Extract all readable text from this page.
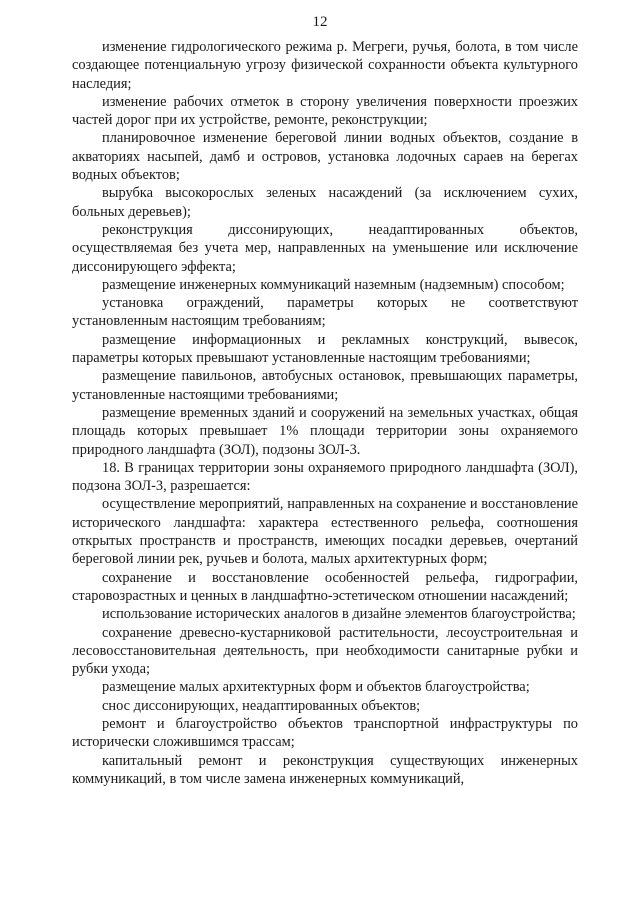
12

изменение гидрологического режима р. Мегреги, ручья, болота, в том числе создающее потенциальную угрозу физической сохранности объекта культурного наследия;

изменение рабочих отметок в сторону увеличения поверхности проезжих частей дорог при их устройстве, ремонте, реконструкции;

планировочное изменение береговой линии водных объектов, создание в акваториях насыпей, дамб и островов, установка лодочных сараев на берегах водных объектов;

вырубка высокорослых зеленых насаждений (за исключением сухих, больных деревьев);

реконструкция диссонирующих, неадаптированных объектов, осуществляемая без учета мер, направленных на уменьшение или исключение диссонирующего эффекта;

размещение инженерных коммуникаций наземным (надземным) способом;

установка ограждений, параметры которых не соответствуют установленным настоящим требованиям;

размещение информационных и рекламных конструкций, вывесок, параметры которых превышают установленные настоящим требованиями;

размещение павильонов, автобусных остановок, превышающих параметры, установленные настоящими требованиями;

размещение временных зданий и сооружений на земельных участках, общая площадь которых превышает 1% площади территории зоны охраняемого природного ландшафта (ЗОЛ), подзоны ЗОЛ-3.

18. В границах территории зоны охраняемого природного ландшафта (ЗОЛ), подзона ЗОЛ-3, разрешается:

осуществление мероприятий, направленных на сохранение и восстановление исторического ландшафта: характера естественного рельефа, соотношения открытых пространств и пространств, имеющих посадки деревьев, очертаний береговой линии рек, ручьев и болота, малых архитектурных форм;

сохранение и восстановление особенностей рельефа, гидрографии, старовозрастных и ценных в ландшафтно-эстетическом отношении насаждений;

использование исторических аналогов в дизайне элементов благоустройства;

сохранение древесно-кустарниковой растительности, лесоустроительная и лесовосстановительная деятельность, при необходимости санитарные рубки и рубки ухода;

размещение малых архитектурных форм и объектов благоустройства;

снос диссонирующих, неадаптированных объектов;

ремонт и благоустройство объектов транспортной инфраструктуры по исторически сложившимся трассам;

капитальный ремонт и реконструкция существующих инженерных коммуникаций, в том числе замена инженерных коммуникаций,
